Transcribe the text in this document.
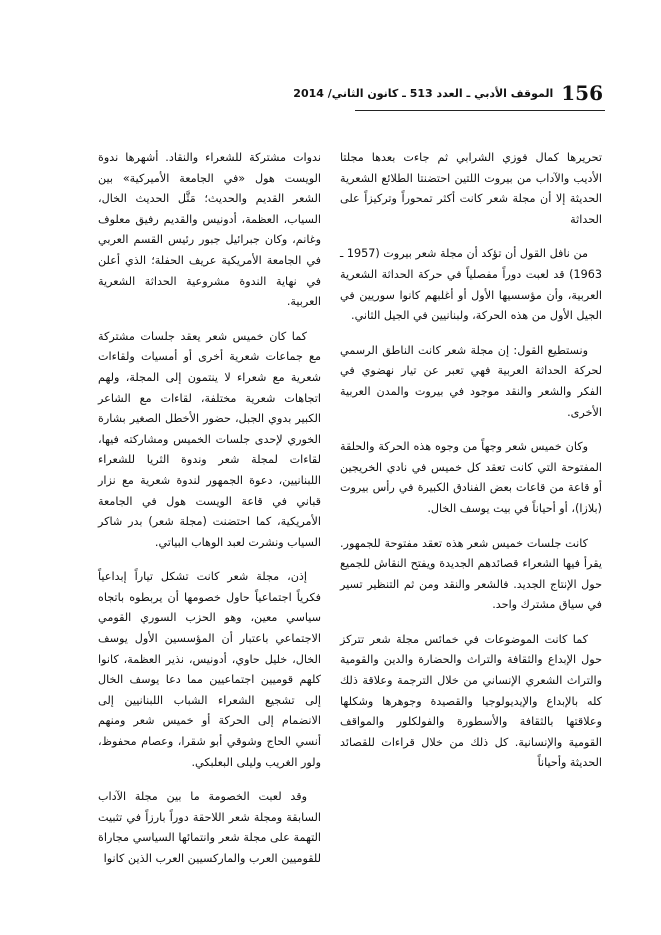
156
الموقف الأدبي ـ العدد 513 ـ كانون الثاني/ 2014

تحريرها كمال فوزي الشرابي ثم جاءت بعدها مجلتا الأديب والآداب من بيروت اللتين احتضنتا الطلائع الشعرية الحديثة إلا أن مجلة شعر كانت أكثر تمحوراً وتركيزاً على الحداثة

من نافل القول أن تؤكد أن مجلة شعر بيروت (1957 ـ 1963) قد لعبت دوراً مفصلياً في حركة الحداثة الشعرية العربية، وأن مؤسسيها الأول أو أغلبهم كانوا سوريين في الجيل الأول من هذه الحركة، ولبنانيين في الجيل الثاني.

ونستطيع القول: إن مجلة شعر كانت الناطق الرسمي لحركة الحداثة العربية فهي تعبر عن تيار نهضوي في الفكر والشعر والنقد موجود في بيروت والمدن العربية الأخرى.

وكان خميس شعر وجهاً من وجوه هذه الحركة والحلقة المفتوحة التي كانت تعقد كل خميس في نادي الخريجين أو قاعة من قاعات بعض الفنادق الكبيرة في رأس بيروت (بلازا)، أو أحياناً في بيت يوسف الخال.

كانت جلسات خميس شعر هذه تعقد مفتوحة للجمهور. يقرأ فيها الشعراء قصائدهم الجديدة ويفتح النقاش للجميع حول الإنتاج الجديد. فالشعر والنقد ومن ثم التنظير تسير في سياق مشترك واحد.

كما كانت الموضوعات في خمائس مجلة شعر تتركز حول الإبداع والثقافة والتراث والحضارة والدين والقومية والتراث الشعري الإنساني من خلال الترجمة وعلاقة ذلك كله بالإبداع والإيديولوجيا والقصيدة وجوهرها وشكلها وعلاقتها بالثقافة والأسطورة والفولكلور والمواقف القومية والإنسانية. كل ذلك من خلال قراءات للقصائد الحديثة وأحياناً

ندوات مشتركة للشعراء والنقاد. أشهرها ندوة الويست هول «في الجامعة الأميركية» بين الشعر القديم والحديث؛ مَثَّل الحديث الخال، السياب، العظمة، أدونيس والقديم رفيق معلوف وغانم، وكان جبرائيل جبور رئيس القسم العربي في الجامعة الأمريكية عريف الحفلة؛ الذي أعلن في نهاية الندوة مشروعية الحداثة الشعرية العربية.

كما كان خميس شعر يعقد جلسات مشتركة مع جماعات شعرية أخرى أو أمسيات ولقاءات شعرية مع شعراء لا ينتمون إلى المجلة، ولهم اتجاهات شعرية مختلفة، لقاءات مع الشاعر الكبير بدوي الجبل، حضور الأخطل الصغير بشارة الخوري لإحدى جلسات الخميس ومشاركته فيها، لقاءات لمجلة شعر وندوة الثريا للشعراء اللبنانيين، دعوة الجمهور لندوة شعرية مع نزار قباني في قاعة الويست هول في الجامعة الأمريكية، كما احتضنت (مجلة شعر) بدر شاكر السياب ونشرت لعبد الوهاب البياتي.

إذن، مجلة شعر كانت تشكل تياراً إبداعياً فكرياً اجتماعياً حاول خصومها أن يربطوه باتجاه سياسي معين، وهو الحزب السوري القومي الاجتماعي باعتبار أن المؤسسين الأول يوسف الخال، خليل حاوي، أدونيس، نذير العظمة، كانوا كلهم قوميين اجتماعيين مما دعا يوسف الخال إلى تشجيع الشعراء الشباب اللبنانيين إلى الانضمام إلى الحركة أو خميس شعر ومنهم أنسي الحاج وشوقي أبو شقرا، وعصام محفوظ، ولور الغريب وليلى البعلبكي.

وقد لعبت الخصومة ما بين مجلة الآداب السابقة ومجلة شعر اللاحقة دوراً بارزاً في تثبيت التهمة على مجلة شعر وانتمائها السياسي مجاراة للقوميين العرب والماركسيين العرب الذين كانوا
